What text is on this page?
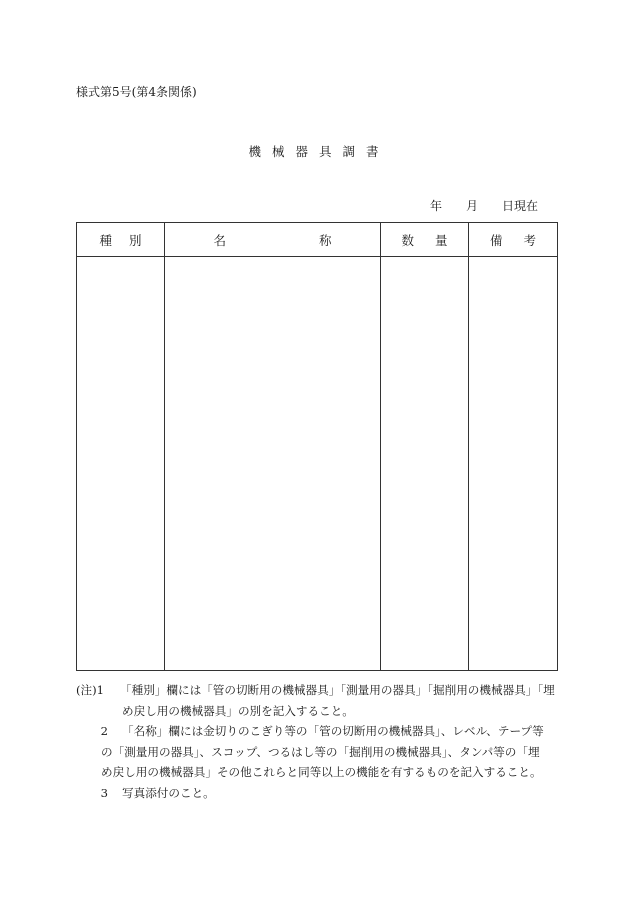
様式第5号(第4条関係)
機械器具調書
年 月 日現在
種 別	名 称	数 量	備 考

(注)1	「種別」欄には「管の切断用の機械器具」「測量用の器具」「掘削用の機械器具」「埋
め戻し用の機械器具」の別を記入すること。
2	「名称」欄には金切りのこぎり等の「管の切断用の機械器具」、レベル、テープ等
の「測量用の器具」、スコップ、つるはし等の「掘削用の機械器具」、タンパ等の「埋
め戻し用の機械器具」その他これらと同等以上の機能を有するものを記入すること。
3	写真添付のこと。
